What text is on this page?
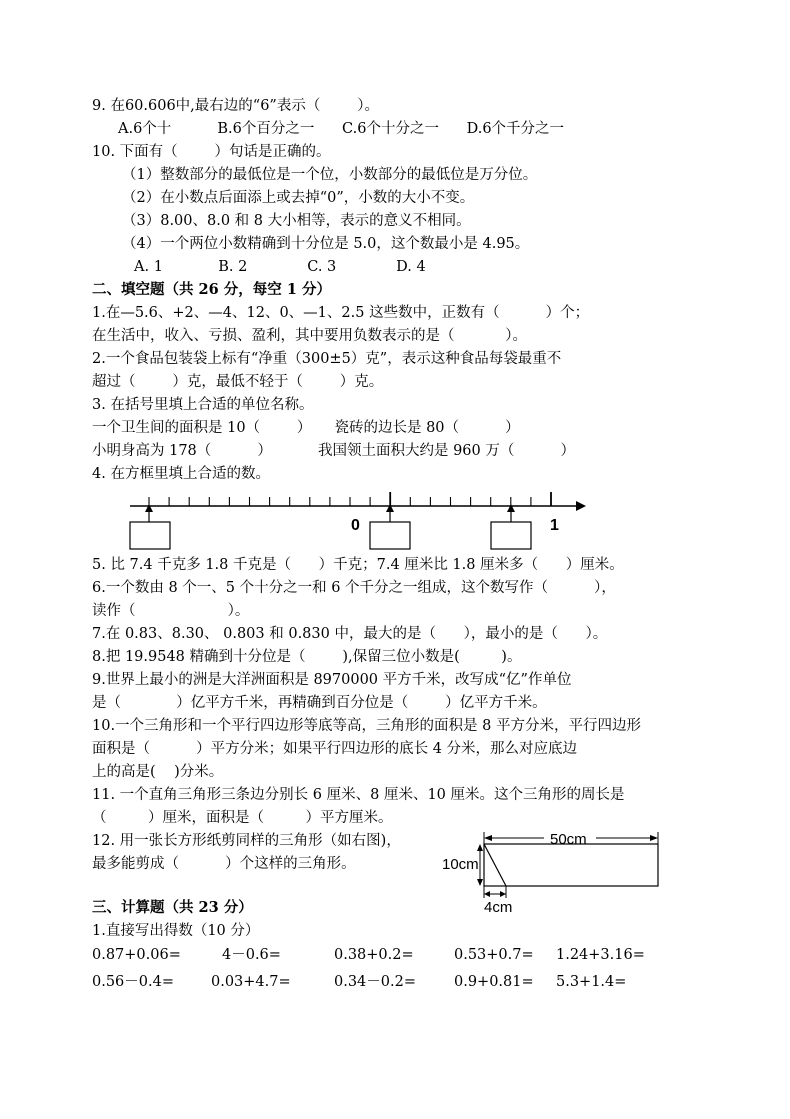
9. 在60.606中,最右边的“6”表示（        ）。
A.6个十          B.6个百分之一      C.6个十分之一      D.6个千分之一
10. 下面有（        ）句话是正确的。
（1）整数部分的最低位是一个位，小数部分的最低位是万分位。
（2）在小数点后面添上或去掉“0”，小数的大小不变。
（3）8.00、8.0 和 8 大小相等，表示的意义不相同。
（4）一个两位小数精确到十分位是 5.0，这个数最小是 4.95。
A. 1            B. 2             C. 3             D. 4
二、填空题（共 26 分，每空 1 分）
1.在—5.6、+2、—4、12、0、—1、2.5 这些数中，正数有（          ）个；
在生活中，收入、亏损、盈利，其中要用负数表示的是（           ）。
2.一个食品包装袋上标有“净重（300±5）克”，表示这种食品每袋最重不
超过（        ）克，最低不轻于（        ）克。
3. 在括号里填上合适的单位名称。
一个卫生间的面积是 10（        ）     瓷砖的边长是 80（          ）
小明身高为 178（          ）          我国领土面积大约是 960 万（          ）
4. 在方框里填上合适的数。
0	1
5. 比 7.4 千克多 1.8 千克是（      ）千克；7.4 厘米比 1.8 厘米多（      ）厘米。
6.一个数由 8 个一、5 个十分之一和 6 个千分之一组成，这个数写作（          ），
读作（                    ）。
7.在 0.83、8.30、 0.803 和 0.830 中，最大的是（      ），最小的是（      ）。
8.把 19.9548 精确到十分位是（        ),保留三位小数是(         )。
9.世界上最小的洲是大洋洲面积是 8970000 平方千米，改写成“亿”作单位
是（            ）亿平方千米，再精确到百分位是（        ）亿平方千米。
10.一个三角形和一个平行四边形等底等高，三角形的面积是 8 平方分米，平行四边形
面积是（          ）平方分米；如果平行四边形的底长 4 分米，那么对应底边
上的高是(    )分米。
11. 一个直角三角形三条边分别长 6 厘米、8 厘米、10 厘米。这个三角形的周长是
（         ）厘米，面积是（         ）平方厘米。
12. 用一张长方形纸剪同样的三角形（如右图)，
最多能剪成（          ）个这样的三角形。
50cm
10cm
4cm
三、计算题（共 23 分）
1.直接写出得数（10 分）
0.87+0.06=	4－0.6=	0.38+0.2=	0.53+0.7= 1.24+3.16=
0.56－0.4=	0.03+4.7=	0.34－0.2=	0.9+0.81= 5.3+1.4=
